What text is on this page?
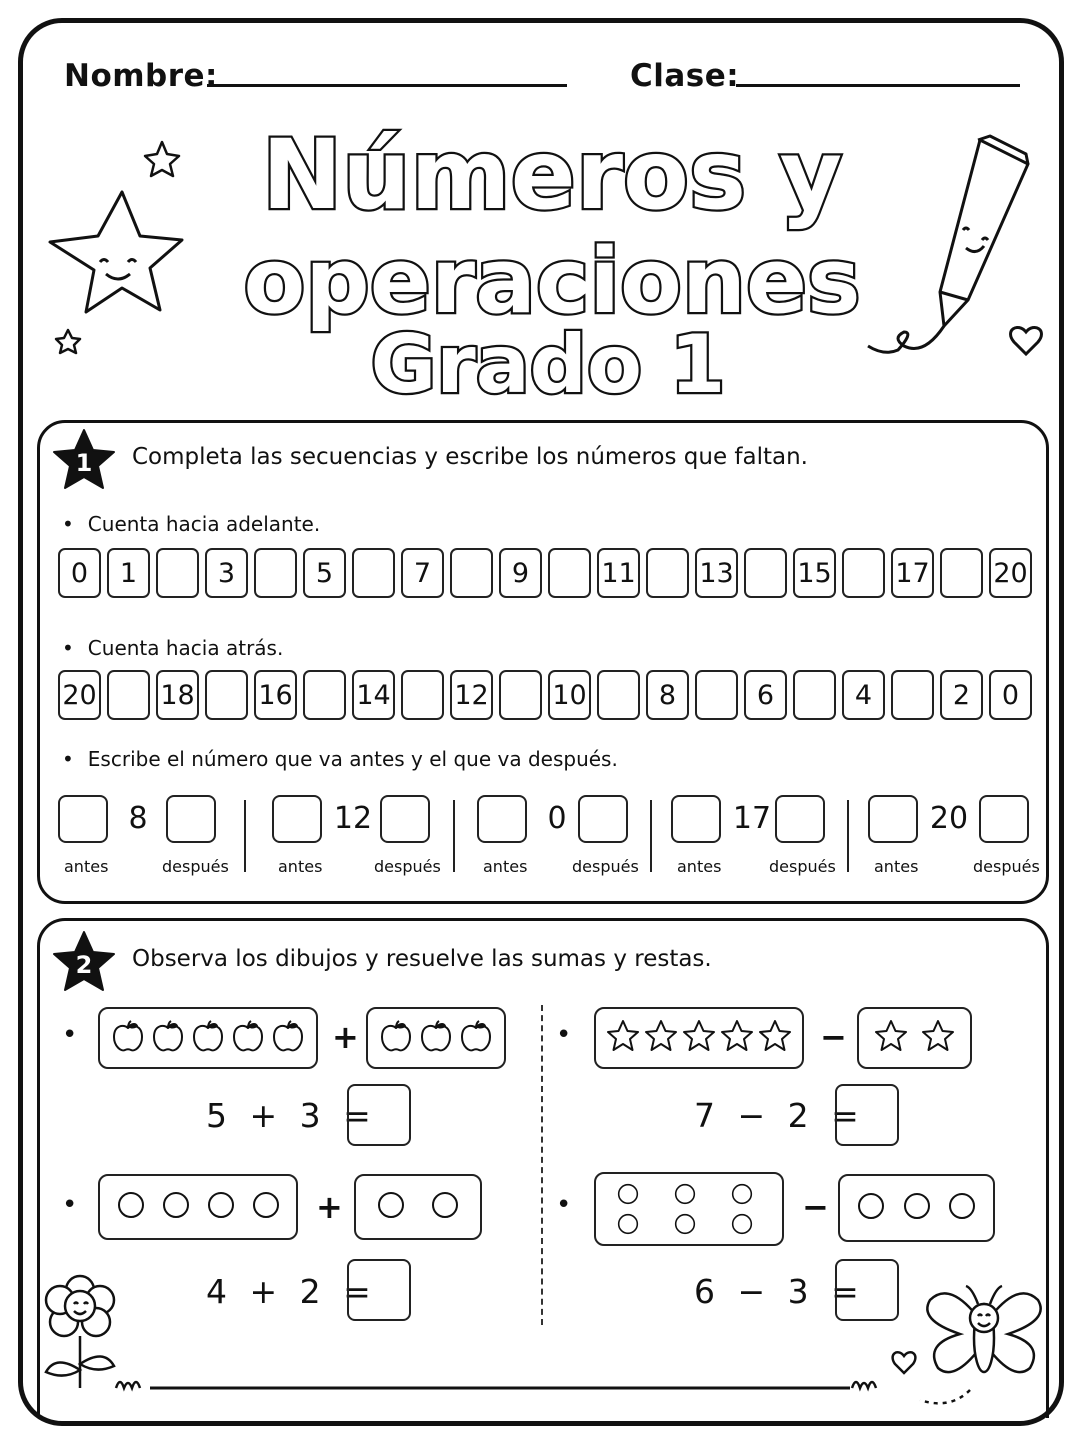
Nombre:	Clase:
Números y
operaciones
Grado 1
1 Completa las secuencias y escribe los números que faltan.
• Cuenta hacia adelante.
0	1	3	5	7	9	11 13 15 17 20
• Cuenta hacia atrás.
20 18 16 14 12 10	8	6	4	2	0
• Escribe el número que va antes y el que va después.
8
antes	después
12
antes	después
0
antes	después
17
antes	después
20
antes	después
2 Observa los dibujos y resuelve las sumas y restas.
•	+
5 + 3 =
•	−
7 − 2 =
•	+
4 + 2 =
•	−
6 − 3 =
